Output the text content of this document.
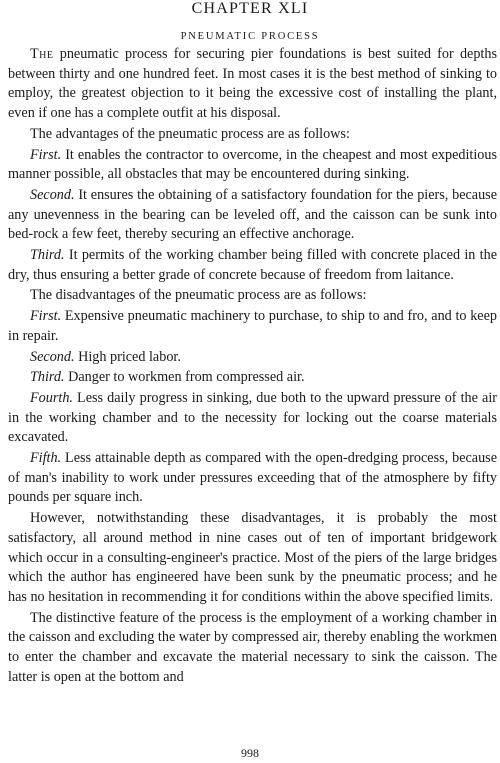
CHAPTER XLI
PNEUMATIC PROCESS

The pneumatic process for securing pier foundations is best suited for depths between thirty and one hundred feet. In most cases it is the best method of sinking to employ, the greatest objection to it being the excessive cost of installing the plant, even if one has a complete outfit at his disposal.

The advantages of the pneumatic process are as follows:

First. It enables the contractor to overcome, in the cheapest and most expeditious manner possible, all obstacles that may be encountered during sinking.

Second. It ensures the obtaining of a satisfactory foundation for the piers, because any unevenness in the bearing can be leveled off, and the caisson can be sunk into bed-rock a few feet, thereby securing an effective anchorage.

Third. It permits of the working chamber being filled with concrete placed in the dry, thus ensuring a better grade of concrete because of freedom from laitance.

The disadvantages of the pneumatic process are as follows:

First. Expensive pneumatic machinery to purchase, to ship to and fro, and to keep in repair.

Second. High priced labor.

Third. Danger to workmen from compressed air.

Fourth. Less daily progress in sinking, due both to the upward pressure of the air in the working chamber and to the necessity for locking out the coarse materials excavated.

Fifth. Less attainable depth as compared with the open-dredging process, because of man's inability to work under pressures exceeding that of the atmosphere by fifty pounds per square inch.

However, notwithstanding these disadvantages, it is probably the most satisfactory, all around method in nine cases out of ten of important bridgework which occur in a consulting-engineer's practice. Most of the piers of the large bridges which the author has engineered have been sunk by the pneumatic process; and he has no hesitation in recommending it for conditions within the above specified limits.

The distinctive feature of the process is the employment of a working chamber in the caisson and excluding the water by compressed air, thereby enabling the workmen to enter the chamber and excavate the material necessary to sink the caisson. The latter is open at the bottom and

998
